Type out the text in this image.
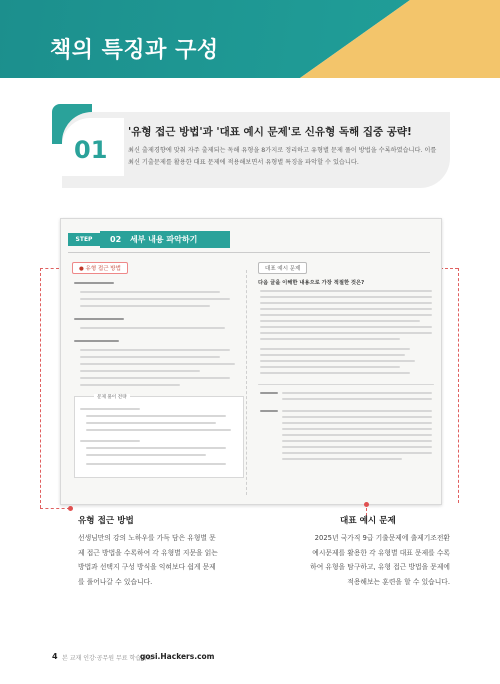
책의 특징과 구성
01
'유형 접근 방법'과 '대표 예시 문제'로 신유형 독해 집중 공략!
최신 출제경향에 맞춰 자주 출제되는 독해 유형을 8가지로 정리하고 유형별 문제 풀이 방법을 수록하였습니다. 이를 최신 기출문제를 활용한 대표 문제에 적용해보면서 유형별 특징을 파악할 수 있습니다.
STEP	02 세부 내용 파악하기
● 유형 접근 방법	대표 예시 문제
다음 글을 이해한 내용으로 가장 적절한 것은?
문제 풀이 전략
유형 접근 방법
선생님만의 강의 노하우를 가득 담은 유형별 문제 접근 방법을 수록하여 각 유형별 지문을 읽는 방법과 선택지 구성 방식을 익혀보다 쉽게 문제를 풀어나갈 수 있습니다.
대표 예시 문제
2025년 국가직 9급 기출문제에 출제기조전환 예시문제를 활용한 각 유형별 대표 문제를 수록하여 유형을 탐구하고, 유형 접근 방법을 문제에 적용해보는 훈련을 할 수 있습니다.
4 본 교재 인강·공무원 무료 학습자료
gosi.Hackers.com
